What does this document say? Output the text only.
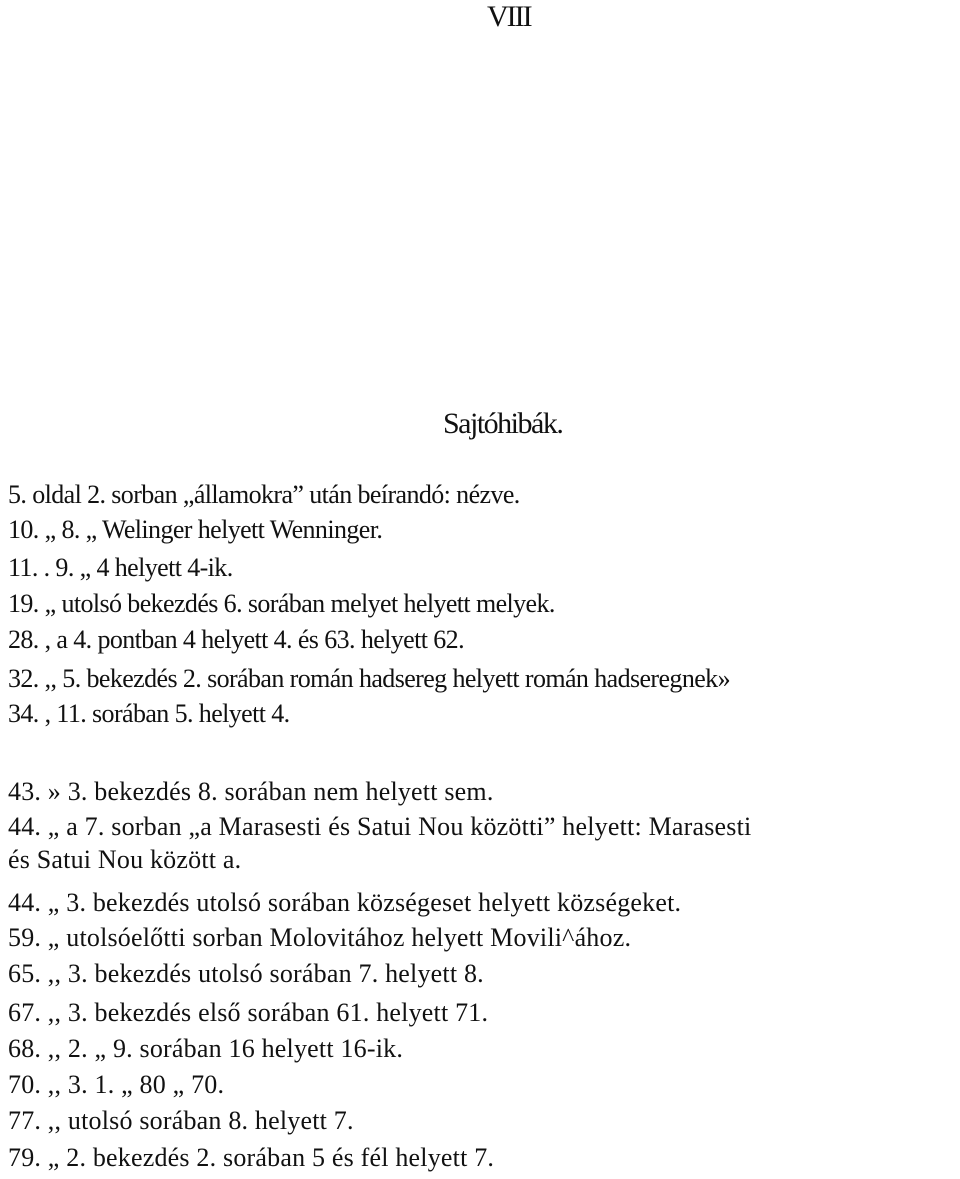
VIII
Sajtóhibák.
5. oldal 2. sorban „államokra” után beírandó: nézve.
10. „ 8. „ Welinger helyett Wenninger.
11. . 9. „ 4 helyett 4-ik.
19. „ utolsó bekezdés 6. sorában melyet helyett melyek.
28. , a 4. pontban 4 helyett 4. és 63. helyett 62.
32. ,, 5. bekezdés 2. sorában román hadsereg helyett román hadseregnek»
34. , 11. sorában 5. helyett 4.
43. » 3. bekezdés 8. sorában nem helyett sem.
44. „ a 7. sorban „a Marasesti és Satui Nou közötti” helyett: Marasesti
és Satui Nou között a.
44. „ 3. bekezdés utolsó sorában községeset helyett községeket.
59. „ utolsóelőtti sorban Molovitához helyett Movili^ához.
65. ,, 3. bekezdés utolsó sorában 7. helyett 8.
67. ,, 3. bekezdés első sorában 61. helyett 71.
68. ,, 2. „ 9. sorában 16 helyett 16-ik.
70. ,, 3. 1. „ 80 „ 70.
77. ,, utolsó sorában 8. helyett 7.
79. „ 2. bekezdés 2. sorában 5 és fél helyett 7.
